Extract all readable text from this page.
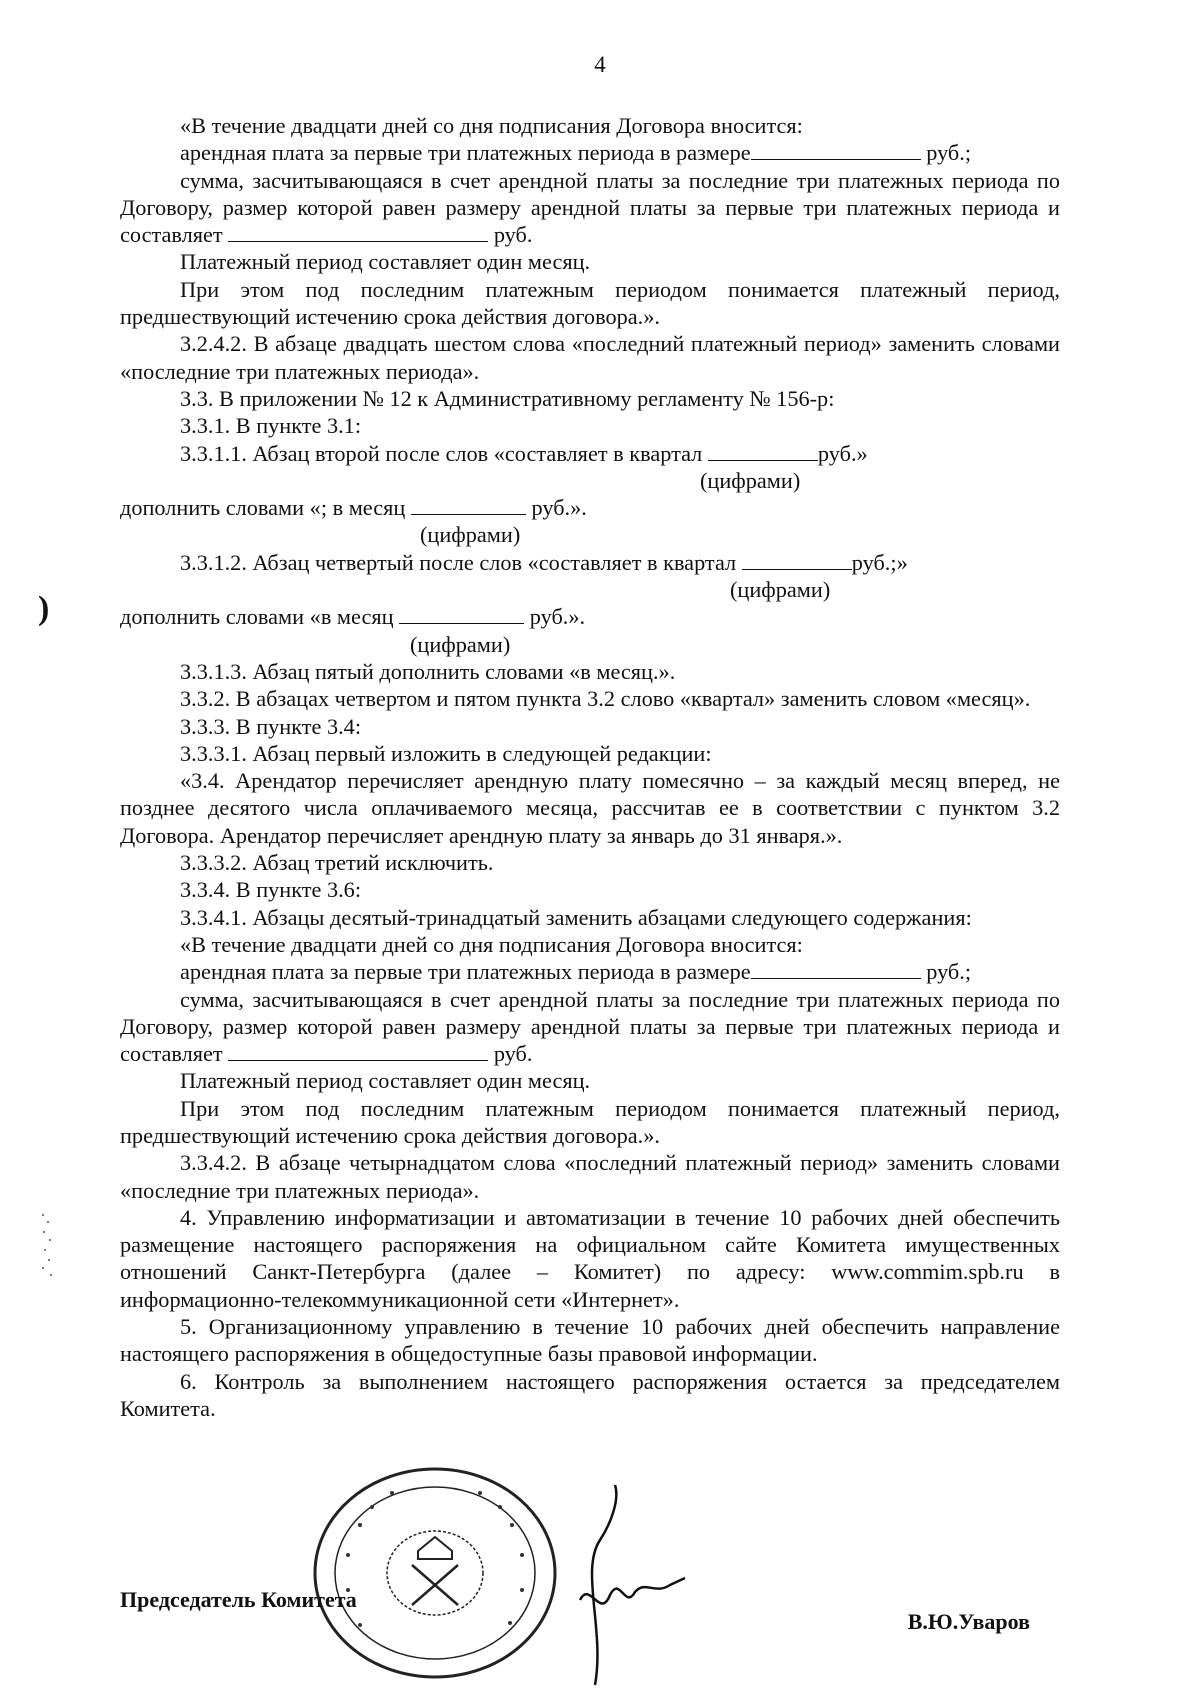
4
)

«В течение двадцати дней со дня подписания Договора вносится:

арендная плата за первые три платежных периода в размере	руб.;

сумма, засчитывающаяся в счет арендной платы за последние три платежных периода по Договору, размер которой равен размеру арендной платы за первые три платежных периода и составляет	руб.

Платежный период составляет один месяц.

При этом под последним платежным периодом понимается платежный период, предшествующий истечению срока действия договора.».

3.2.4.2. В абзаце двадцать шестом слова «последний платежный период» заменить словами «последние три платежных периода».

3.3. В приложении № 12 к Административному регламенту № 156-р:

3.3.1. В пункте 3.1:

3.3.1.1. Абзац второй после слов «составляет в квартал	руб.»

(цифрами)

дополнить словами «; в месяц	руб.».

(цифрами)

3.3.1.2. Абзац четвертый после слов «составляет в квартал	руб.;»

(цифрами)

дополнить словами «в месяц	руб.».

(цифрами)

3.3.1.3. Абзац пятый дополнить словами «в месяц.».

3.3.2. В абзацах четвертом и пятом пункта 3.2 слово «квартал» заменить словом «месяц».

3.3.3. В пункте 3.4:

3.3.3.1. Абзац первый изложить в следующей редакции:

«3.4. Арендатор перечисляет арендную плату помесячно – за каждый месяц вперед, не позднее десятого числа оплачиваемого месяца, рассчитав ее в соответствии с пунктом 3.2 Договора. Арендатор перечисляет арендную плату за январь до 31 января.».

3.3.3.2. Абзац третий исключить.

3.3.4. В пункте 3.6:

3.3.4.1. Абзацы десятый-тринадцатый заменить абзацами следующего содержания:

«В течение двадцати дней со дня подписания Договора вносится:

арендная плата за первые три платежных периода в размере	руб.;

сумма, засчитывающаяся в счет арендной платы за последние три платежных периода по Договору, размер которой равен размеру арендной платы за первые три платежных периода и составляет	руб.

Платежный период составляет один месяц.

При этом под последним платежным периодом понимается платежный период, предшествующий истечению срока действия договора.».

3.3.4.2. В абзаце четырнадцатом слова «последний платежный период» заменить словами «последние три платежных периода».

4. Управлению информатизации и автоматизации в течение 10 рабочих дней обеспечить размещение настоящего распоряжения на официальном сайте Комитета имущественных отношений Санкт-Петербурга (далее – Комитет) по адресу: www.commim.spb.ru в информационно-телекоммуникационной сети «Интернет».

5. Организационному управлению в течение 10 рабочих дней обеспечить направление настоящего распоряжения в общедоступные базы правовой информации.

6. Контроль за выполнением настоящего распоряжения остается за председателем Комитета.

Председатель Комитета
В.Ю.Уваров
